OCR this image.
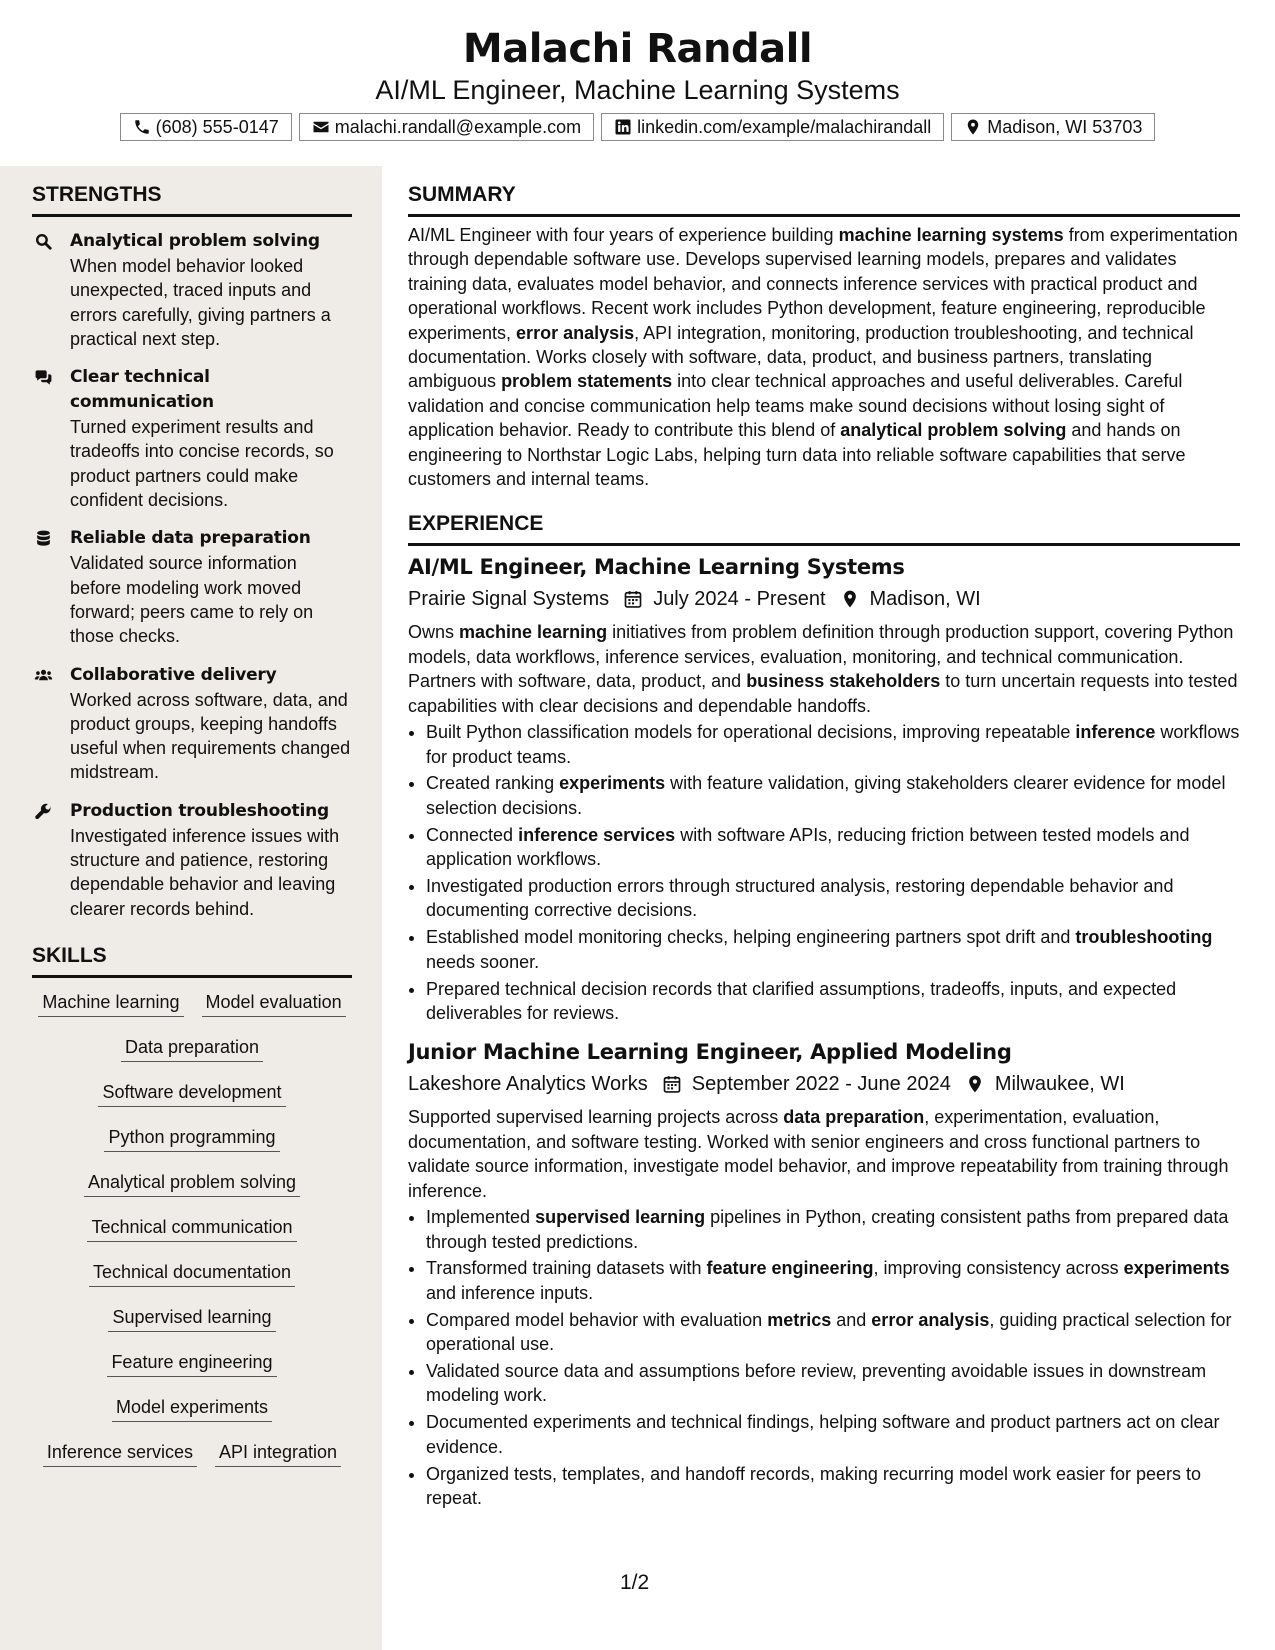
Malachi Randall
AI/ML Engineer, Machine Learning Systems
(608) 555-0147	malachi.randall@example.com	linkedin.com/example/malachirandall	Madison, WI 53703
STRENGTHS
Analytical problem solving
When model behavior looked unexpected, traced inputs and errors carefully, giving partners a practical next step.
Clear technical communication
Turned experiment results and tradeoffs into concise records, so product partners could make confident decisions.
Reliable data preparation
Validated source information before modeling work moved forward; peers came to rely on those checks.
Collaborative delivery
Worked across software, data, and product groups, keeping handoffs useful when requirements changed midstream.
Production troubleshooting
Investigated inference issues with structure and patience, restoring dependable behavior and leaving clearer records behind.
SKILLS
Machine learning Model evaluation
Data preparation
Software development
Python programming
Analytical problem solving
Technical communication
Technical documentation
Supervised learning
Feature engineering
Model experiments
Inference services API integration
SUMMARY

AI/ML Engineer with four years of experience building machine learning systems from experimentation through dependable software use. Develops supervised learning models, prepares and validates training data, evaluates model behavior, and connects inference services with practical product and operational workflows. Recent work includes Python development, feature engineering, reproducible experiments, error analysis, API integration, monitoring, production troubleshooting, and technical documentation. Works closely with software, data, product, and business partners, translating ambiguous problem statements into clear technical approaches and useful deliverables. Careful validation and concise communication help teams make sound decisions without losing sight of application behavior. Ready to contribute this blend of analytical problem solving and hands on engineering to Northstar Logic Labs, helping turn data into reliable software capabilities that serve customers and internal teams.

EXPERIENCE
AI/ML Engineer, Machine Learning Systems
Prairie Signal Systems July 2024 - Present Madison, WI

Owns machine learning initiatives from problem definition through production support, covering Python models, data workflows, inference services, evaluation, monitoring, and technical communication. Partners with software, data, product, and business stakeholders to turn uncertain requests into tested capabilities with clear decisions and dependable handoffs.

• Built Python classification models for operational decisions, improving repeatable inference workflows for product teams.
• Created ranking experiments with feature validation, giving stakeholders clearer evidence for model selection decisions.
• Connected inference services with software APIs, reducing friction between tested models and application workflows.
• Investigated production errors through structured analysis, restoring dependable behavior and documenting corrective decisions.
• Established model monitoring checks, helping engineering partners spot drift and troubleshooting needs sooner.
• Prepared technical decision records that clarified assumptions, tradeoffs, inputs, and expected deliverables for reviews.
Junior Machine Learning Engineer, Applied Modeling
Lakeshore Analytics Works September 2022 - June 2024 Milwaukee, WI

Supported supervised learning projects across data preparation, experimentation, evaluation, documentation, and software testing. Worked with senior engineers and cross functional partners to validate source information, investigate model behavior, and improve repeatability from training through inference.

• Implemented supervised learning pipelines in Python, creating consistent paths from prepared data through tested predictions.
• Transformed training datasets with feature engineering, improving consistency across experiments and inference inputs.
• Compared model behavior with evaluation metrics and error analysis, guiding practical selection for operational use.
• Validated source data and assumptions before review, preventing avoidable issues in downstream modeling work.
• Documented experiments and technical findings, helping software and product partners act on clear evidence.
• Organized tests, templates, and handoff records, making recurring model work easier for peers to repeat.
1/2
